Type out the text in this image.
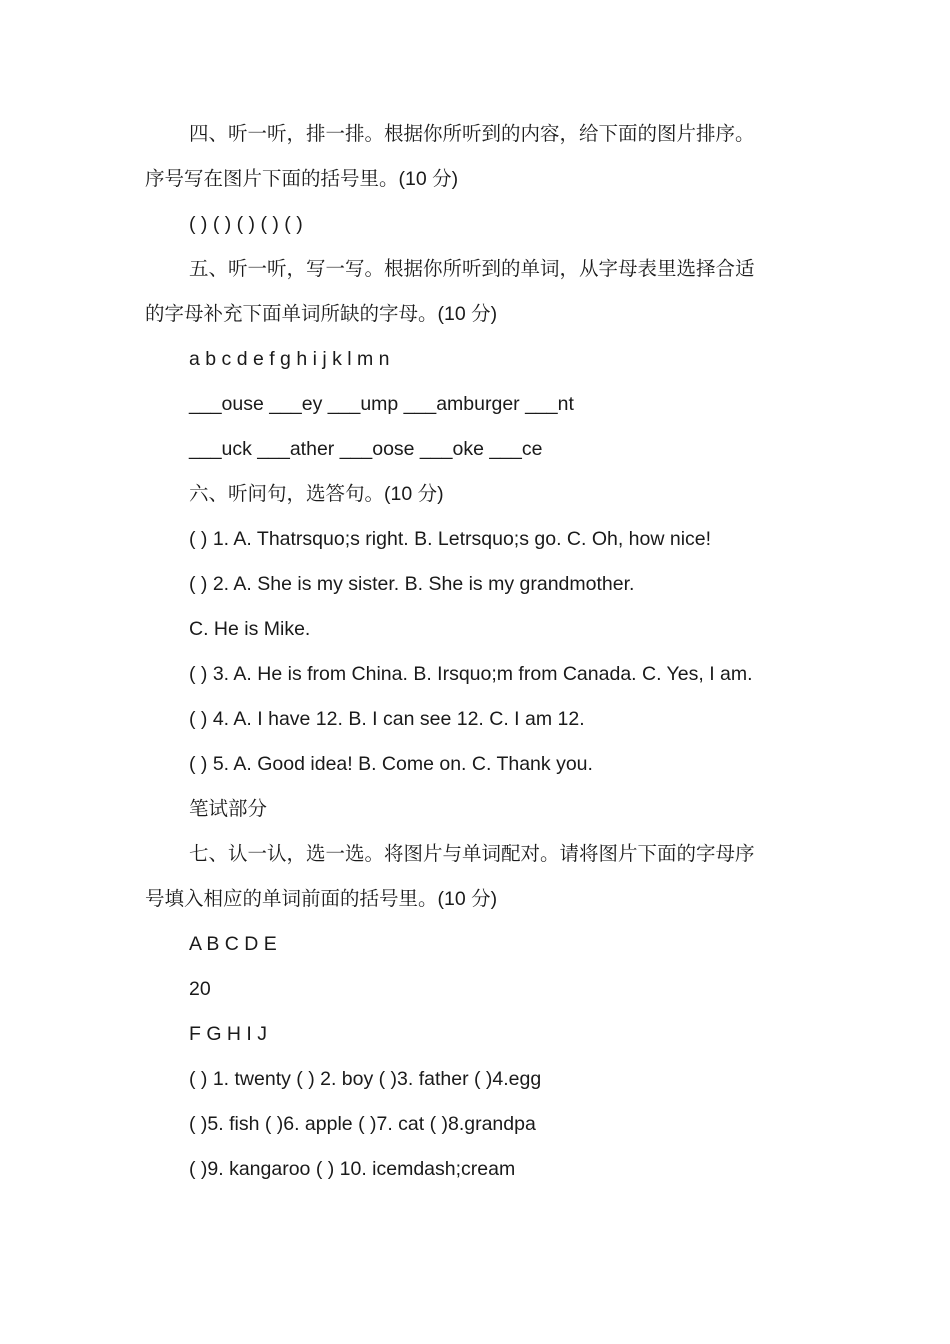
四、听一听，排一排。根据你所听到的内容，给下面的图片排序。
序号写在图片下面的括号里。(10 分)
( ) ( ) ( ) ( ) ( )
五、听一听，写一写。根据你所听到的单词，从字母表里选择合适
的字母补充下面单词所缺的字母。(10 分)
a b c d e f g h i j k l m n
___ouse ___ey ___ump ___amburger ___nt
___uck ___ather ___oose ___oke ___ce
六、听问句，选答句。(10 分)
( ) 1. A. Thatrsquo;s right. B. Letrsquo;s go. C. Oh, how nice!
( ) 2. A. She is my sister. B. She is my grandmother.
C. He is Mike.
( ) 3. A. He is from China. B. Irsquo;m from Canada. C. Yes, I am.
( ) 4. A. I have 12. B. I can see 12. C. I am 12.
( ) 5. A. Good idea! B. Come on. C. Thank you.
笔试部分
七、认一认，选一选。将图片与单词配对。请将图片下面的字母序
号填入相应的单词前面的括号里。(10 分)
A B C D E
20
F G H I J
( ) 1. twenty ( ) 2. boy ( )3. father ( )4.egg
( )5. fish ( )6. apple ( )7. cat ( )8.grandpa
( )9. kangaroo ( ) 10. icemdash;cream
